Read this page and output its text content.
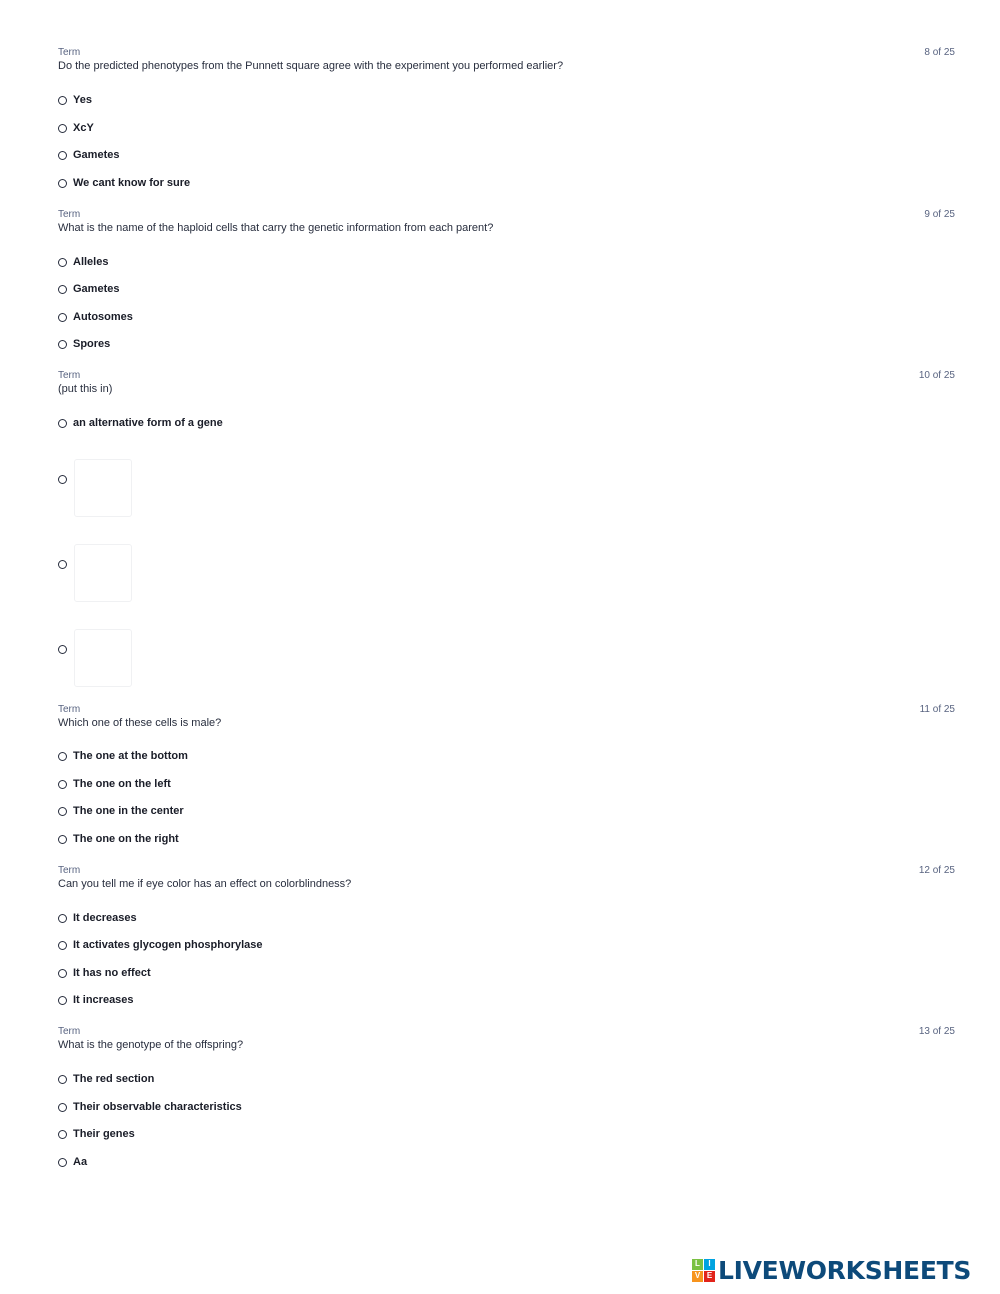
Term	8 of 25
Do the predicted phenotypes from the Punnett square agree with the experiment you performed earlier?
Yes
XcY
Gametes
We cant know for sure
Term	9 of 25
What is the name of the haploid cells that carry the genetic information from each parent?
Alleles
Gametes
Autosomes
Spores
Term	10 of 25
(put this in)
an alternative form of a gene
Term	11 of 25
Which one of these cells is male?
The one at the bottom
The one on the left
The one in the center
The one on the right
Term	12 of 25
Can you tell me if eye color has an effect on colorblindness?
It decreases
It activates glycogen phosphorylase
It has no effect
It increases
Term	13 of 25
What is the genotype of the offspring?
The red section
Their observable characteristics
Their genes
Aa
L	I
V E LIVEWORKSHEETS
